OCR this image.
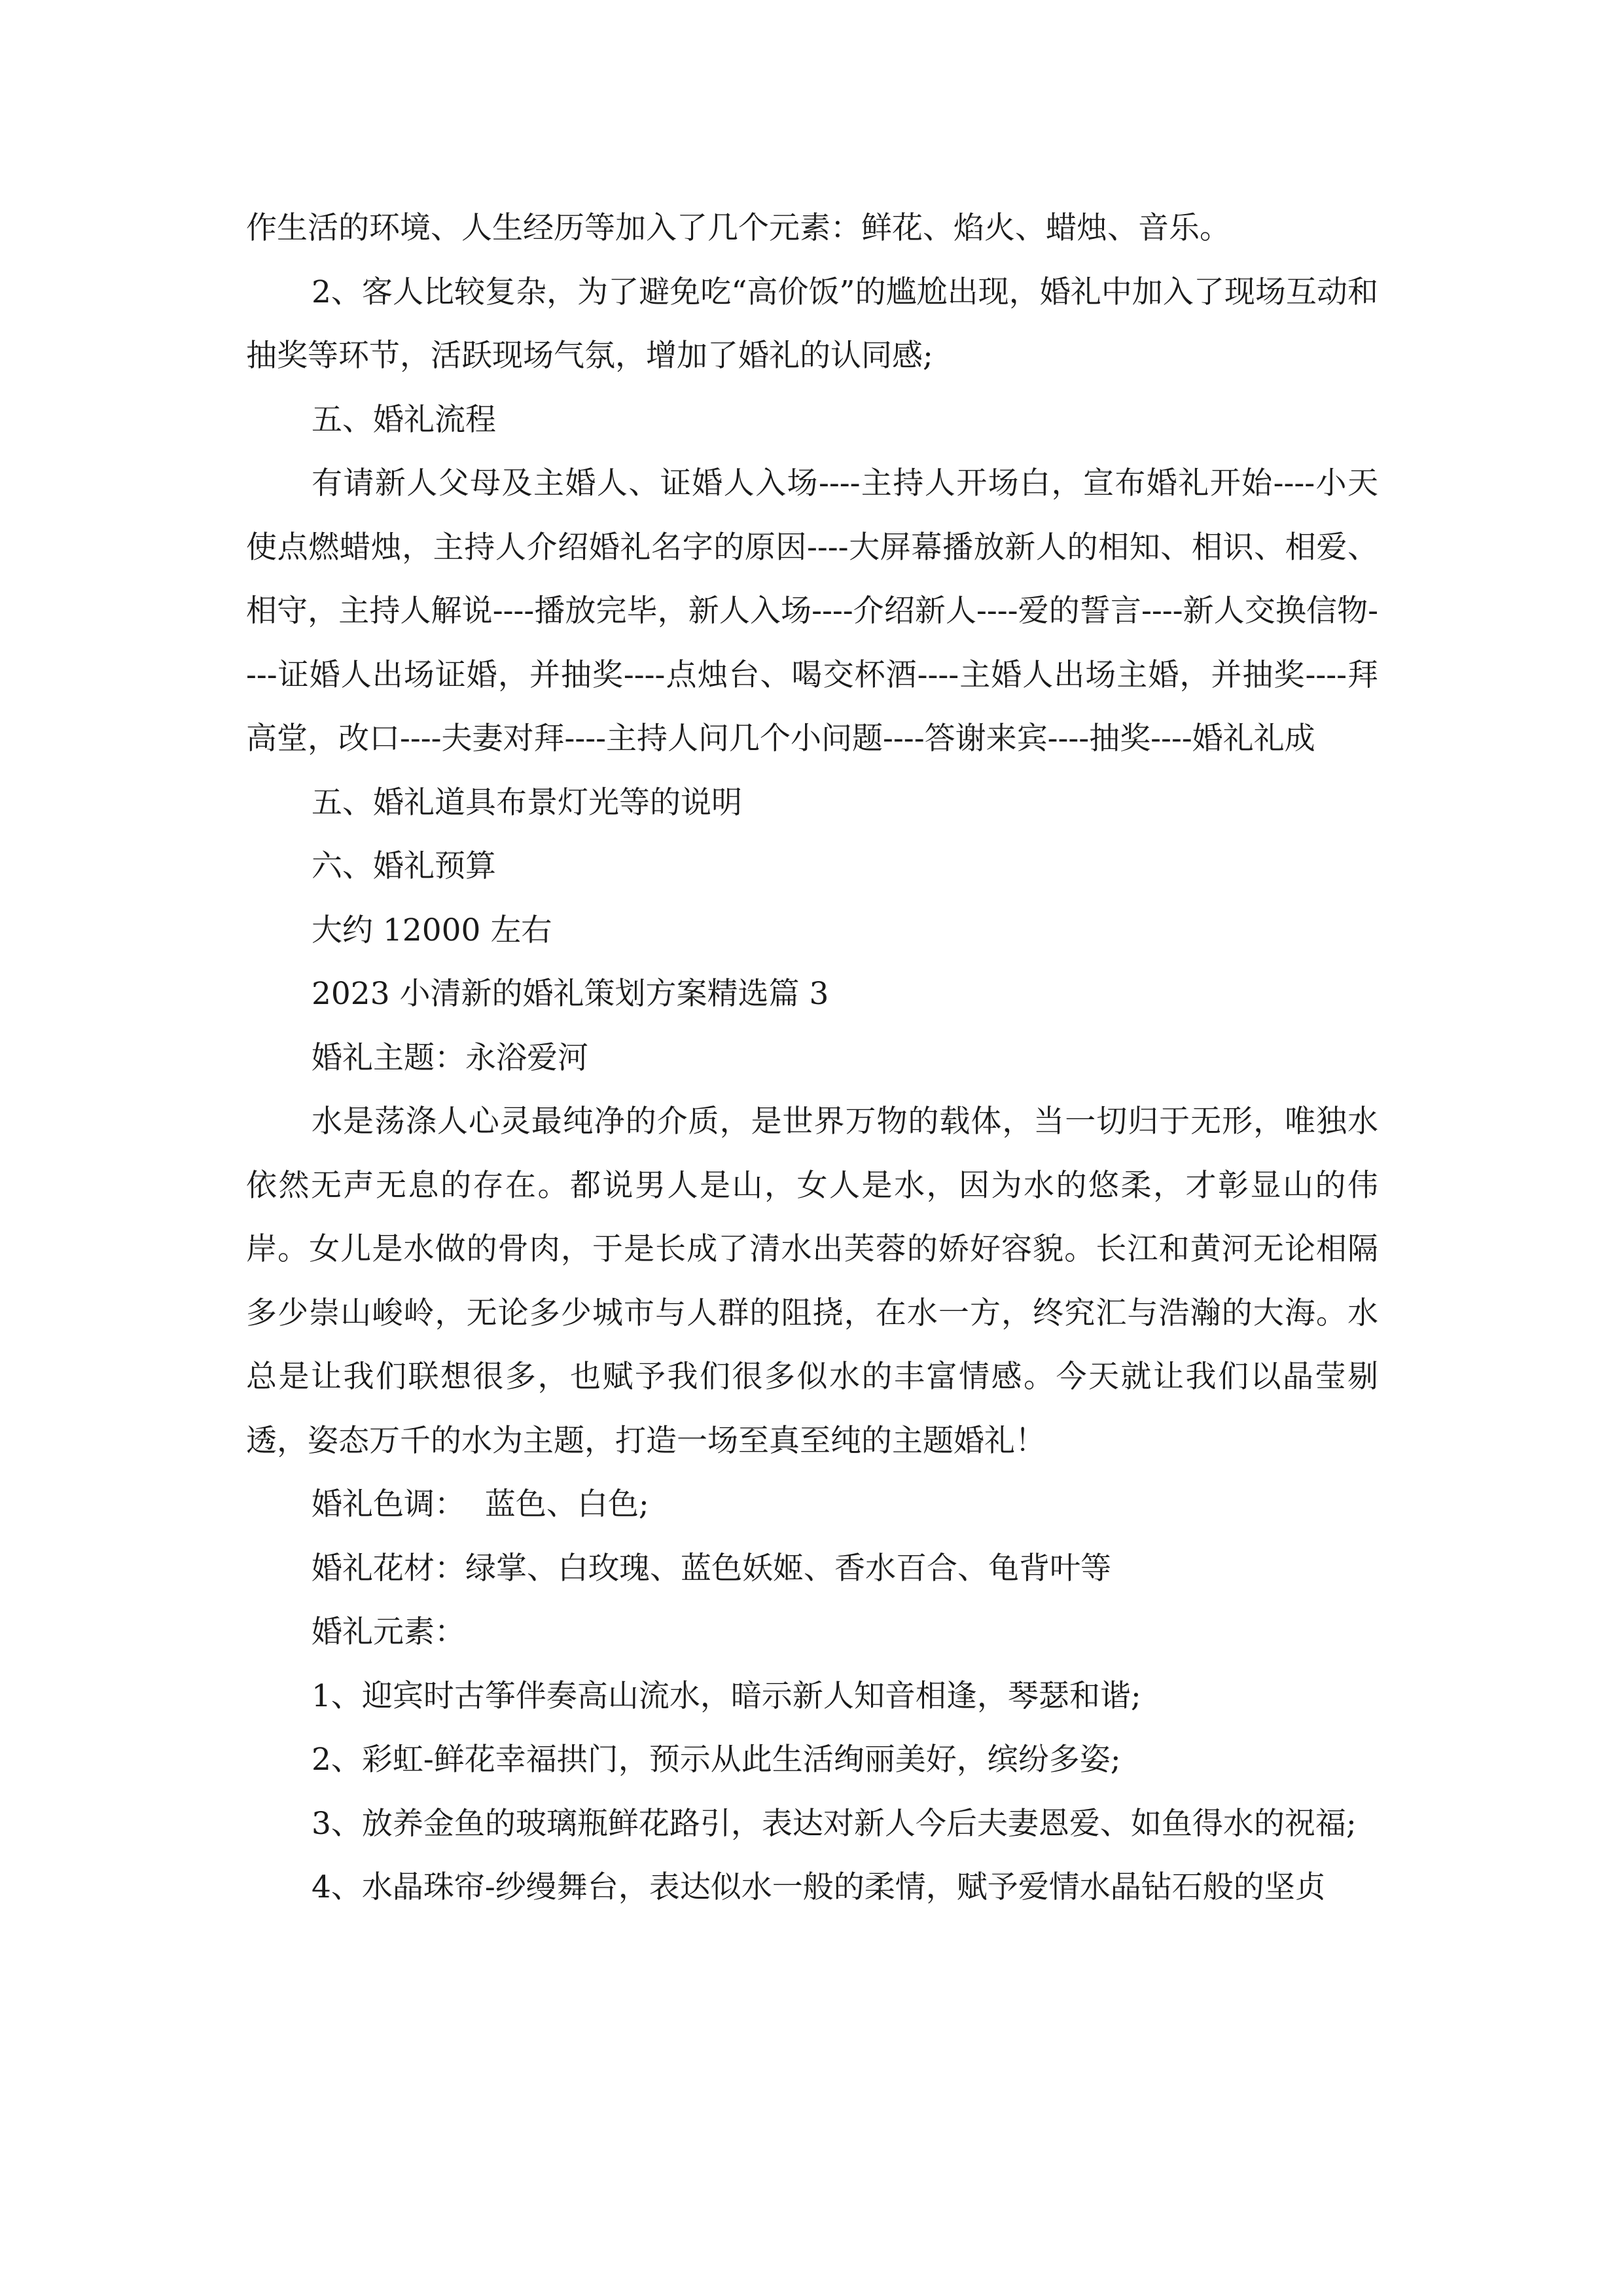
作生活的环境、人生经历等加入了几个元素：鲜花、焰火、蜡烛、音乐。

2、客人比较复杂，为了避免吃“高价饭”的尴尬出现，婚礼中加入了现场互动和抽奖等环节，活跃现场气氛，增加了婚礼的认同感;

五、婚礼流程

有请新人父母及主婚人、证婚人入场----主持人开场白，宣布婚礼开始----小天使点燃蜡烛，主持人介绍婚礼名字的原因----大屏幕播放新人的相知、相识、相爱、相守，主持人解说----播放完毕，新人入场----介绍新人----爱的誓言----新人交换信物----证婚人出场证婚，并抽奖----点烛台、喝交杯酒----主婚人出场主婚，并抽奖----拜高堂，改口----夫妻对拜----主持人问几个小问题----答谢来宾----抽奖----婚礼礼成

五、婚礼道具布景灯光等的说明

六、婚礼预算

大约 12000 左右

2023 小清新的婚礼策划方案精选篇 3

婚礼主题：永浴爱河

水是荡涤人心灵最纯净的介质，是世界万物的载体，当一切归于无形，唯独水依然无声无息的存在。都说男人是山，女人是水，因为水的悠柔，才彰显山的伟岸。女儿是水做的骨肉，于是长成了清水出芙蓉的娇好容貌。长江和黄河无论相隔多少崇山峻岭，无论多少城市与人群的阻挠，在水一方，终究汇与浩瀚的大海。水总是让我们联想很多，也赋予我们很多似水的丰富情感。今天就让我们以晶莹剔透，姿态万千的水为主题，打造一场至真至纯的主题婚礼！

婚礼色调：  蓝色、白色;

婚礼花材：绿掌、白玫瑰、蓝色妖姬、香水百合、龟背叶等

婚礼元素：

1、迎宾时古筝伴奏高山流水，暗示新人知音相逢，琴瑟和谐;

2、彩虹-鲜花幸福拱门，预示从此生活绚丽美好，缤纷多姿;

3、放养金鱼的玻璃瓶鲜花路引，表达对新人今后夫妻恩爱、如鱼得水的祝福;

4、水晶珠帘-纱缦舞台，表达似水一般的柔情，赋予爱情水晶钻石般的坚贞
